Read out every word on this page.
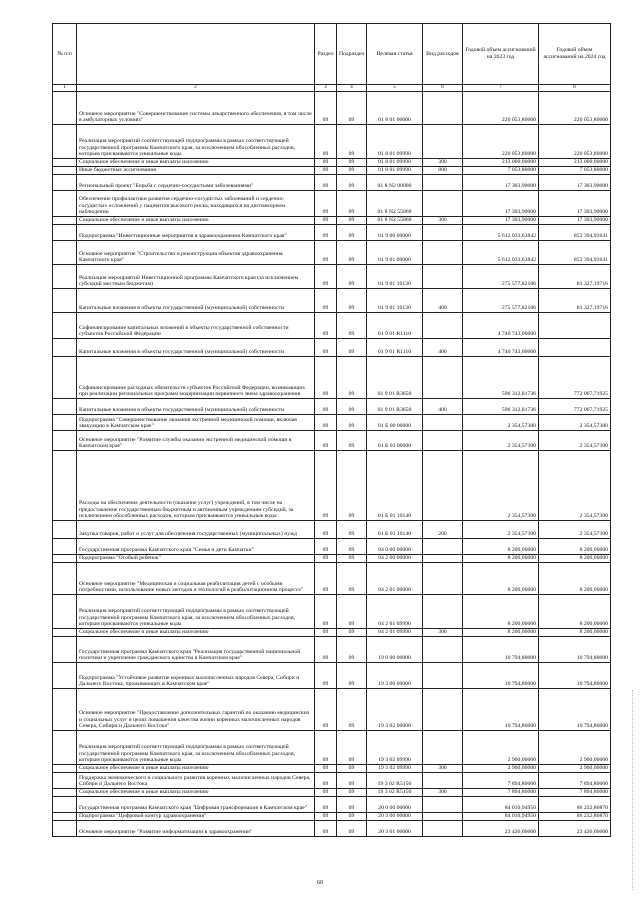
№ п/п		Раздел	Подраздел	Целевая статья	Вид расходов	Годовой объем ассигнований на 2023 год	Годовой объем ассигнований на 2024 год
1	2	3	4	5	6	7	8
	Основное мероприятие "Совершенствование системы лекарственного обеспечения, в том числе в амбулаторных условиях"	09	09	01 8 01 00000		220 053,80000	220 053,80000
	Реализация мероприятий соответствующей подпрограммы в рамках соответствующей государственной программы Камчатского края, за исключением обособленных расходов, которым присваиваются уникальные коды	09	09	01 8 01 09990		220 053,80000	220 053,80000
	Социальное обеспечение и иные выплаты населению	09	09	01 8 01 09990	300	213 000,00000	213 000,00000
	Иные бюджетные ассигнования	09	09	01 8 01 09990	800	7 053,80000	7 053,80000
	Региональный проект "Борьба с сердечно-сосудистыми заболеваниями"	09	09	01 8 N2 00000		17 303,90000	17 303,90000
	Обеспечение профилактики развития сердечно-сосудистых заболеваний и сердечно-сосудистых осложнений у пациентов высокого риска, находящихся на диспансерном наблюдении	09	09	01 8 N2 55860		17 303,90000	17 303,90000
	Социальное обеспечение и иные выплаты населению	09	09	01 8 N2 55860	300	17 303,90000	17 303,90000
	Подпрограмма "Инвестиционные мероприятия в здравоохранении Камчатского края"	09	09	01 9 00 00000		5 612 033,63842	853 394,91641
	Основное мероприятие "Строительство и реконструкция объектов здравоохранения Камчатского края"	09	09	01 9 01 00000		5 612 033,63842	853 394,91641
	Реализация мероприятий Инвестиционной программы Камчатского края (за исключением субсидий местным бюджетам)	09	09	01 9 01 10130		275 577,82106	81 327,19716
	Капитальные вложения в объекты государственной (муниципальной) собственности	09	09	01 9 01 10130	400	275 577,82106	81 327,19716
	Софинансирование капитальных вложений в объекты государственной собственности субъектов Российской Федерации	09	09	01 9 01 R1110		4 740 743,00000	
	Капитальные вложения в объекты государственной (муниципальной) собственности	09	09	01 9 01 R1110	400	4 740 743,00000	
	Софинансирование расходных обязательств субъектов Российской Федерации, возникающих при реализации региональных программ модернизации первичного звена здравоохранения	09	09	01 9 01 R3650		596 312,81736	772 067,71925
	Капитальные вложения в объекты государственной (муниципальной) собственности	09	09	01 9 01 R3650	400	596 312,81736	772 067,71925
	Подпрограмма "Совершенствование оказания экстренной медицинской помощи, включая эвакуацию в Камчатском крае"	09	09	01 Б 00 00000		2 354,57300	2 354,57300
	Основное мероприятие "Развитие службы оказания экстренной медицинской помощи в Камчатском крае"	09	09	01 Б 01 00000		2 354,57300	2 354,57300
	Расходы на обеспечение деятельности (оказание услуг) учреждений, в том числе на предоставление государственным бюджетным и автономным учреждениям субсидий, за исключением обособленных расходов, которым присваиваются уникальные коды	09	09	01 Б 01 10140		2 354,57300	2 354,57300
	Закупка товаров, работ и услуг для обеспечения государственных (муниципальных) нужд	09	09	01 Б 01 10140	200	2 354,57300	2 354,57300
	Государственная программа Камчатского края "Семья и дети Камчатки"	09	09	04 0 00 00000		8 200,00000	8 200,00000
	Подпрограмма "Особый ребенок"	09	09	04 2 00 00000		8 200,00000	8 200,00000
	Основное мероприятие "Медицинская и социальная реабилитация детей с особыми потребностями, использование новых методов и технологий в реабилитационном процессе"	09	09	04 2 01 00000		8 200,00000	8 200,00000
	Реализация мероприятий соответствующей подпрограммы в рамках соответствующей государственной программы Камчатского края, за исключением обособленных расходов, которым присваиваются уникальные коды	09	09	04 2 01 09990		8 200,00000	8 200,00000
	Социальное обеспечение и иные выплаты населению	09	09	04 2 01 09990	300	8 200,00000	8 200,00000
	Государственная программа Камчатского края "Реализация государственной национальной политики и укрепление гражданского единства в Камчатском крае"	09	09	19 0 00 00000		10 794,80000	10 794,80000
	Подпрограмма "Устойчивое развитие коренных малочисленных народов Севера, Сибири и Дальнего Востока, проживающих в Камчатском крае"	09	09	19 3 00 00000		10 794,80000	10 794,80000
	Основное мероприятие "Предоставление дополнительных гарантий по оказанию медицинских и социальных услуг в целях повышения качества жизни коренных малочисленных народов Севера, Сибири и Дальнего Востока"	09	09	19 3 02 00000		10 794,80000	10 794,80000
	Реализация мероприятий соответствующей подпрограммы в рамках соответствующей государственной программы Камчатского края, за исключением обособленных расходов, которым присваиваются уникальные коды	09	09	19 3 02 09990		2 900,00000	2 900,00000
	Социальное обеспечение и иные выплаты населению	09	09	19 3 02 09990	300	2 900,00000	2 900,00000
	Поддержка экономического и социального развития коренных малочисленных народов Севера, Сибири и Дальнего Востока	09	09	19 3 02 R5150		7 894,80000	7 894,80000
	Социальное обеспечение и иные выплаты населению	09	09	19 3 02 R5150	300	7 894,80000	7 894,80000
	Государственная программа Камчатского края "Цифровая трансформация в Камчатском крае"	09	09	20 0 00 00000		84 010,94950	86 232,86870
	Подпрограмма "Цифровой контур здравоохранения"	09	09	20 3 00 00000		84 010,94950	86 232,86870
	Основное мероприятие "Развитие информатизации в здравоохранении"	09	09	20 3 01 00000		23 426,00000	23 426,00000
60
